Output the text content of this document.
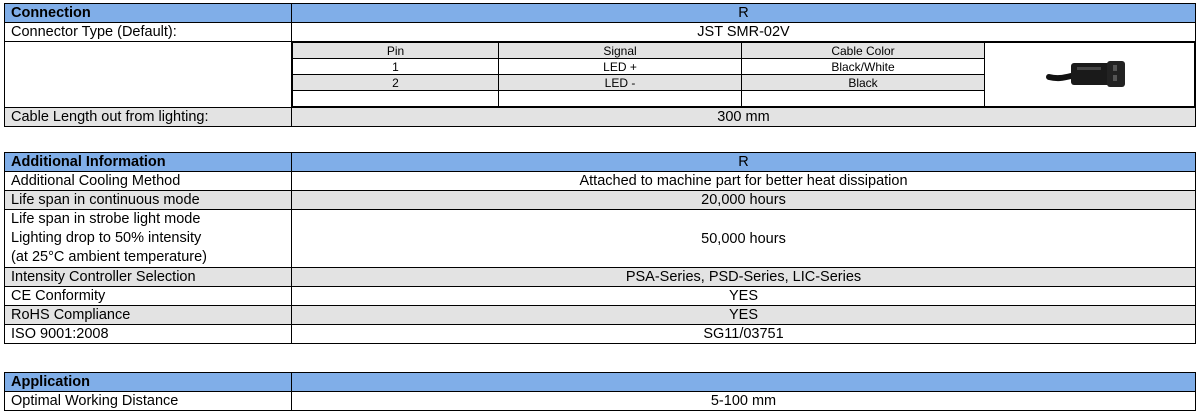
Connection	R
Connector Type (Default):	JST SMR-02V

Pin	Signal	Cable Color	
1	LED +	Black/White
2	LED -	Black

Cable Length out from lighting:	300 mm
Additional Information	R
Additional Cooling Method	Attached to machine part for better heat dissipation
Life span in continuous mode	20,000 hours

Life span in strobe light mode
Lighting drop to 50% intensity
(at 25°C ambient temperature)	50,000 hours
Intensity Controller Selection	PSA-Series, PSD-Series, LIC-Series
CE Conformity	YES
RoHS Compliance	YES
ISO 9001:2008	SG11/03751
Application	
Optimal Working Distance	5-100 mm
